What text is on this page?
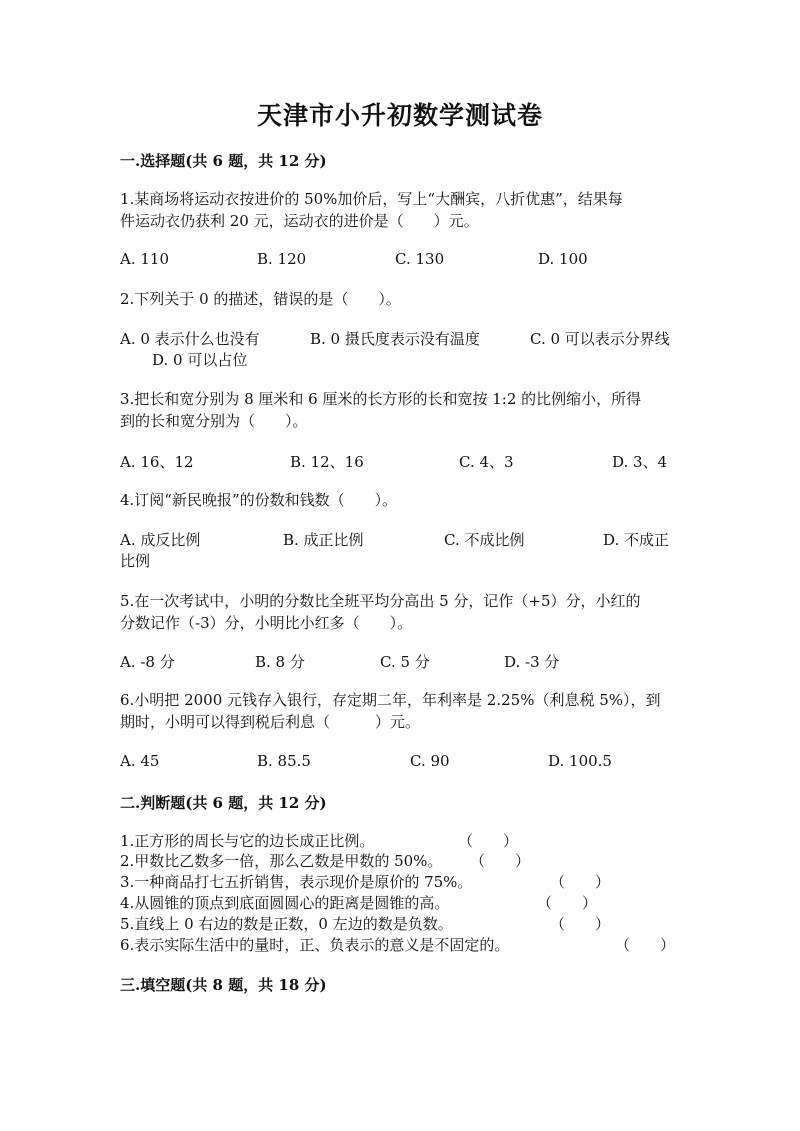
天津市小升初数学测试卷
一.选择题(共 6 题，共 12 分)
1.某商场将运动衣按进价的 50%加价后，写上“大酬宾，八折优惠”，结果每
件运动衣仍获利 20 元，运动衣的进价是（　　）元。
A. 110	B. 120	C. 130	D. 100
2.下列关于 0 的描述，错误的是（　　）。
A. 0 表示什么也没有	B. 0 摄氏度表示没有温度	C. 0 可以表示分界线
D. 0 可以占位
3.把长和宽分别为 8 厘米和 6 厘米的长方形的长和宽按 1:2 的比例缩小，所得
到的长和宽分别为（　　）。
A. 16、12	B. 12、16	C. 4、3	D. 3、4
4.订阅“新民晚报”的份数和钱数（　　）。
A. 成反比例	B. 成正比例	C. 不成比例	D. 不成正
比例
5.在一次考试中，小明的分数比全班平均分高出 5 分，记作（+5）分，小红的
分数记作（-3）分，小明比小红多（　　）。
A. -8 分	B. 8 分	C. 5 分	D. -3 分
6.小明把 2000 元钱存入银行，存定期二年，年利率是 2.25%（利息税 5%），到
期时，小明可以得到税后利息（　　　）元。
A. 45	B. 85.5	C. 90	D. 100.5
二.判断题(共 6 题，共 12 分)
1.正方形的周长与它的边长成正比例。	（　　）
2.甲数比乙数多一倍，那么乙数是甲数的 50%。 （　　）
3.一种商品打七五折销售，表示现价是原价的 75%。	（　　）
4.从圆锥的顶点到底面圆圆心的距离是圆锥的高。	（　　）
5.直线上 0 右边的数是正数，0 左边的数是负数。	（　　）
6.表示实际生活中的量时，正、负表示的意义是不固定的。	（　　）
三.填空题(共 8 题，共 18 分)
